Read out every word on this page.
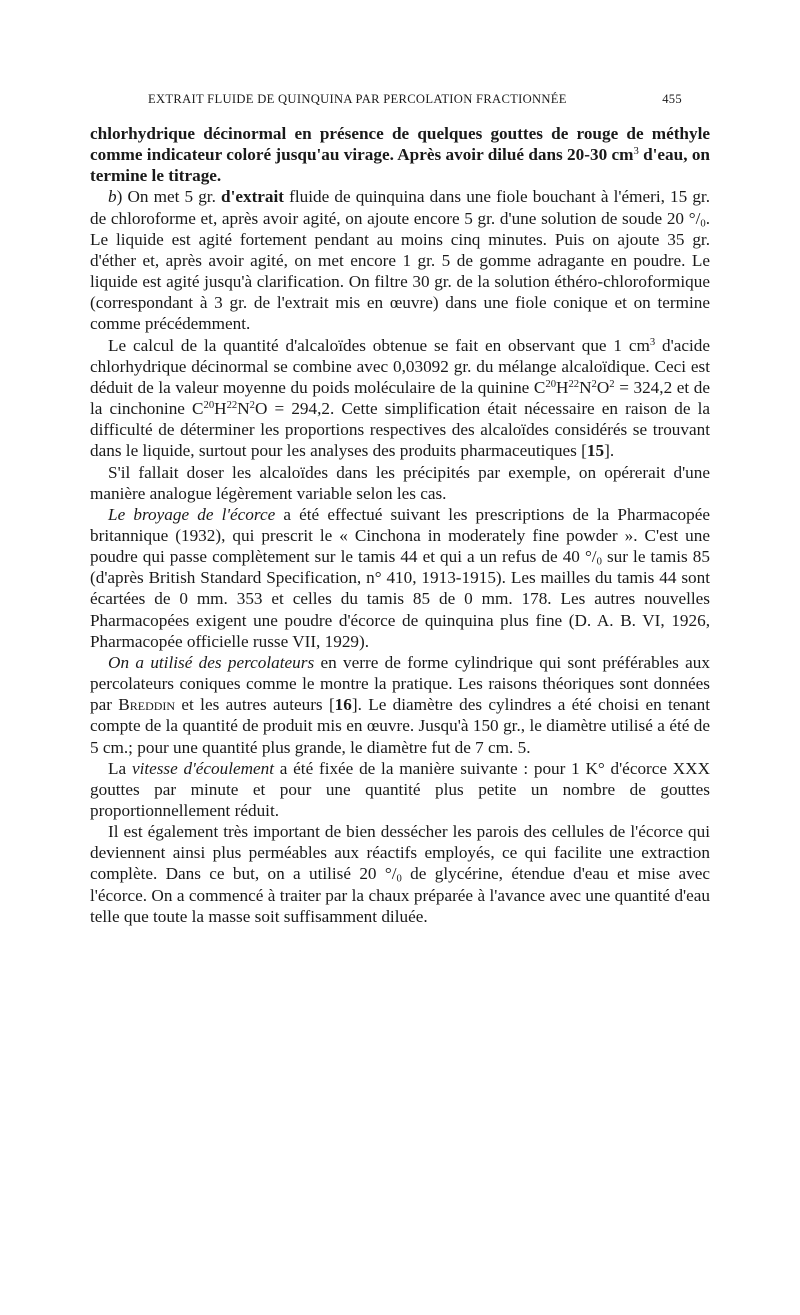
EXTRAIT FLUIDE DE QUINQUINA PAR PERCOLATION FRACTIONNÉE	455

chlorhydrique décinormal en présence de quelques gouttes de rouge de méthyle comme indicateur coloré jusqu'au virage. Après avoir dilué dans 20-30 $cm^3$ d'eau, on termine le titrage.

b) On met 5 gr. d'extrait fluide de quinquina dans une fiole bouchant à l'émeri, 15 gr. de chloroforme et, après avoir agité, on ajoute encore 5 gr. d'une solution de soude 20 $^\circ/_0$. Le liquide est agité fortement pendant au moins cinq minutes. Puis on ajoute 35 gr. d'éther et, après avoir agité, on met encore 1 gr. 5 de gomme adragante en poudre. Le liquide est agité jusqu'à clarification. On filtre 30 gr. de la solution éthéro-chloroformique (correspondant à 3 gr. de l'extrait mis en œuvre) dans une fiole conique et on termine comme précédemment.

Le calcul de la quantité d'alcaloïdes obtenue se fait en observant que 1 $cm^3$ d'acide chlorhydrique décinormal se combine avec 0,03092 gr. du mélange alcaloïdique. Ceci est déduit de la valeur moyenne du poids moléculaire de la quinine $C^{20}H^{22}N^2O^2 = 324,2$ et de la cinchonine $C^{20}H^{22}N^2O = 294,2$. Cette simplification était nécessaire en raison de la difficulté de déterminer les proportions respectives des alcaloïdes considérés se trouvant dans le liquide, surtout pour les analyses des produits pharmaceutiques [15].

S'il fallait doser les alcaloïdes dans les précipités par exemple, on opérerait d'une manière analogue légèrement variable selon les cas.

Le broyage de l'écorce a été effectué suivant les prescriptions de la Pharmacopée britannique (1932), qui prescrit le « Cinchona in moderately fine powder ». C'est une poudre qui passe complètement sur le tamis 44 et qui a un refus de 40 $^\circ/_0$ sur le tamis 85 (d'après British Standard Specification, n° 410, 1913-1915). Les mailles du tamis 44 sont écartées de 0 mm. 353 et celles du tamis 85 de 0 mm. 178. Les autres nouvelles Pharmacopées exigent une poudre d'écorce de quinquina plus fine (D. A. B. VI, 1926, Pharmacopée officielle russe VII, 1929).

On a utilisé des percolateurs en verre de forme cylindrique qui sont préférables aux percolateurs coniques comme le montre la pratique. Les raisons théoriques sont données par Breddin et les autres auteurs [16]. Le diamètre des cylindres a été choisi en tenant compte de la quantité de produit mis en œuvre. Jusqu'à 150 gr., le diamètre utilisé a été de 5 cm.; pour une quantité plus grande, le diamètre fut de 7 cm. 5.

La vitesse d'écoulement a été fixée de la manière suivante : pour 1 K° d'écorce XXX gouttes par minute et pour une quantité plus petite un nombre de gouttes proportionnellement réduit.

Il est également très important de bien dessécher les parois des cellules de l'écorce qui deviennent ainsi plus perméables aux réactifs employés, ce qui facilite une extraction complète. Dans ce but, on a utilisé 20 $^\circ/_0$ de glycérine, étendue d'eau et mise avec l'écorce. On a commencé à traiter par la chaux préparée à l'avance avec une quantité d'eau telle que toute la masse soit suffisamment diluée.
